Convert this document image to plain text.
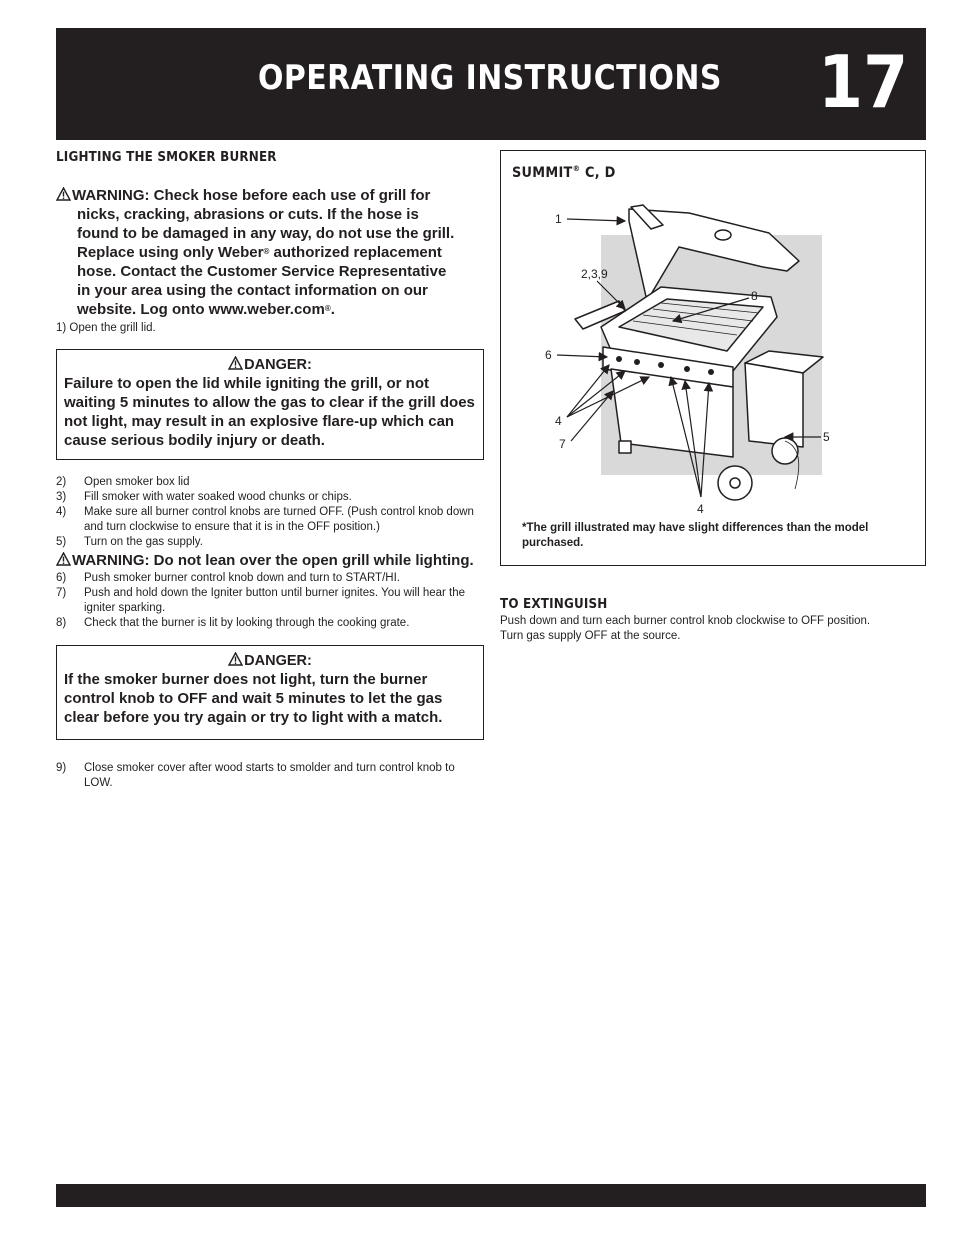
OPERATING INSTRUCTIONS 17
LIGHTING THE SMOKER BURNER
WARNING: Check hose before each use of grill for
nicks, cracking, abrasions or cuts. If the hose is
found to be damaged in any way, do not use the grill.
Replace using only Weber® authorized replacement
hose. Contact the Customer Service Representative
in your area using the contact information on our
website. Log onto www.weber.com®.
1) Open the grill lid.
DANGER:
Failure to open the lid while igniting the grill, or not waiting 5 minutes to allow the gas to clear if the grill does not light, may result in an explosive flare-up which can cause serious bodily injury or death.
2)	Open smoker box lid
3)	Fill smoker with water soaked wood chunks or chips.
4)	Make sure all burner control knobs are turned OFF. (Push control knob down and turn clockwise to ensure that it is in the OFF position.)
5)	Turn on the gas supply.
WARNING: Do not lean over the open grill while lighting.
6)	Push smoker burner control knob down and turn to START/HI.
7)	Push and hold down the Igniter button until burner ignites. You will hear the igniter sparking.
8)	Check that the burner is lit by looking through the cooking grate.
DANGER:
If the smoker burner does not light, turn the burner control knob to OFF and wait 5 minutes to let the gas clear before you try again or try to light with a match.
9)	Close smoker cover after wood starts to smolder and turn control knob to LOW.
SUMMIT® C, D
1
2,3,9
8
6
4
7	5
4
*The grill illustrated may have slight differences than the model purchased.
TO EXTINGUISH
Push down and turn each burner control knob clockwise to OFF position.
Turn gas supply OFF at the source.
